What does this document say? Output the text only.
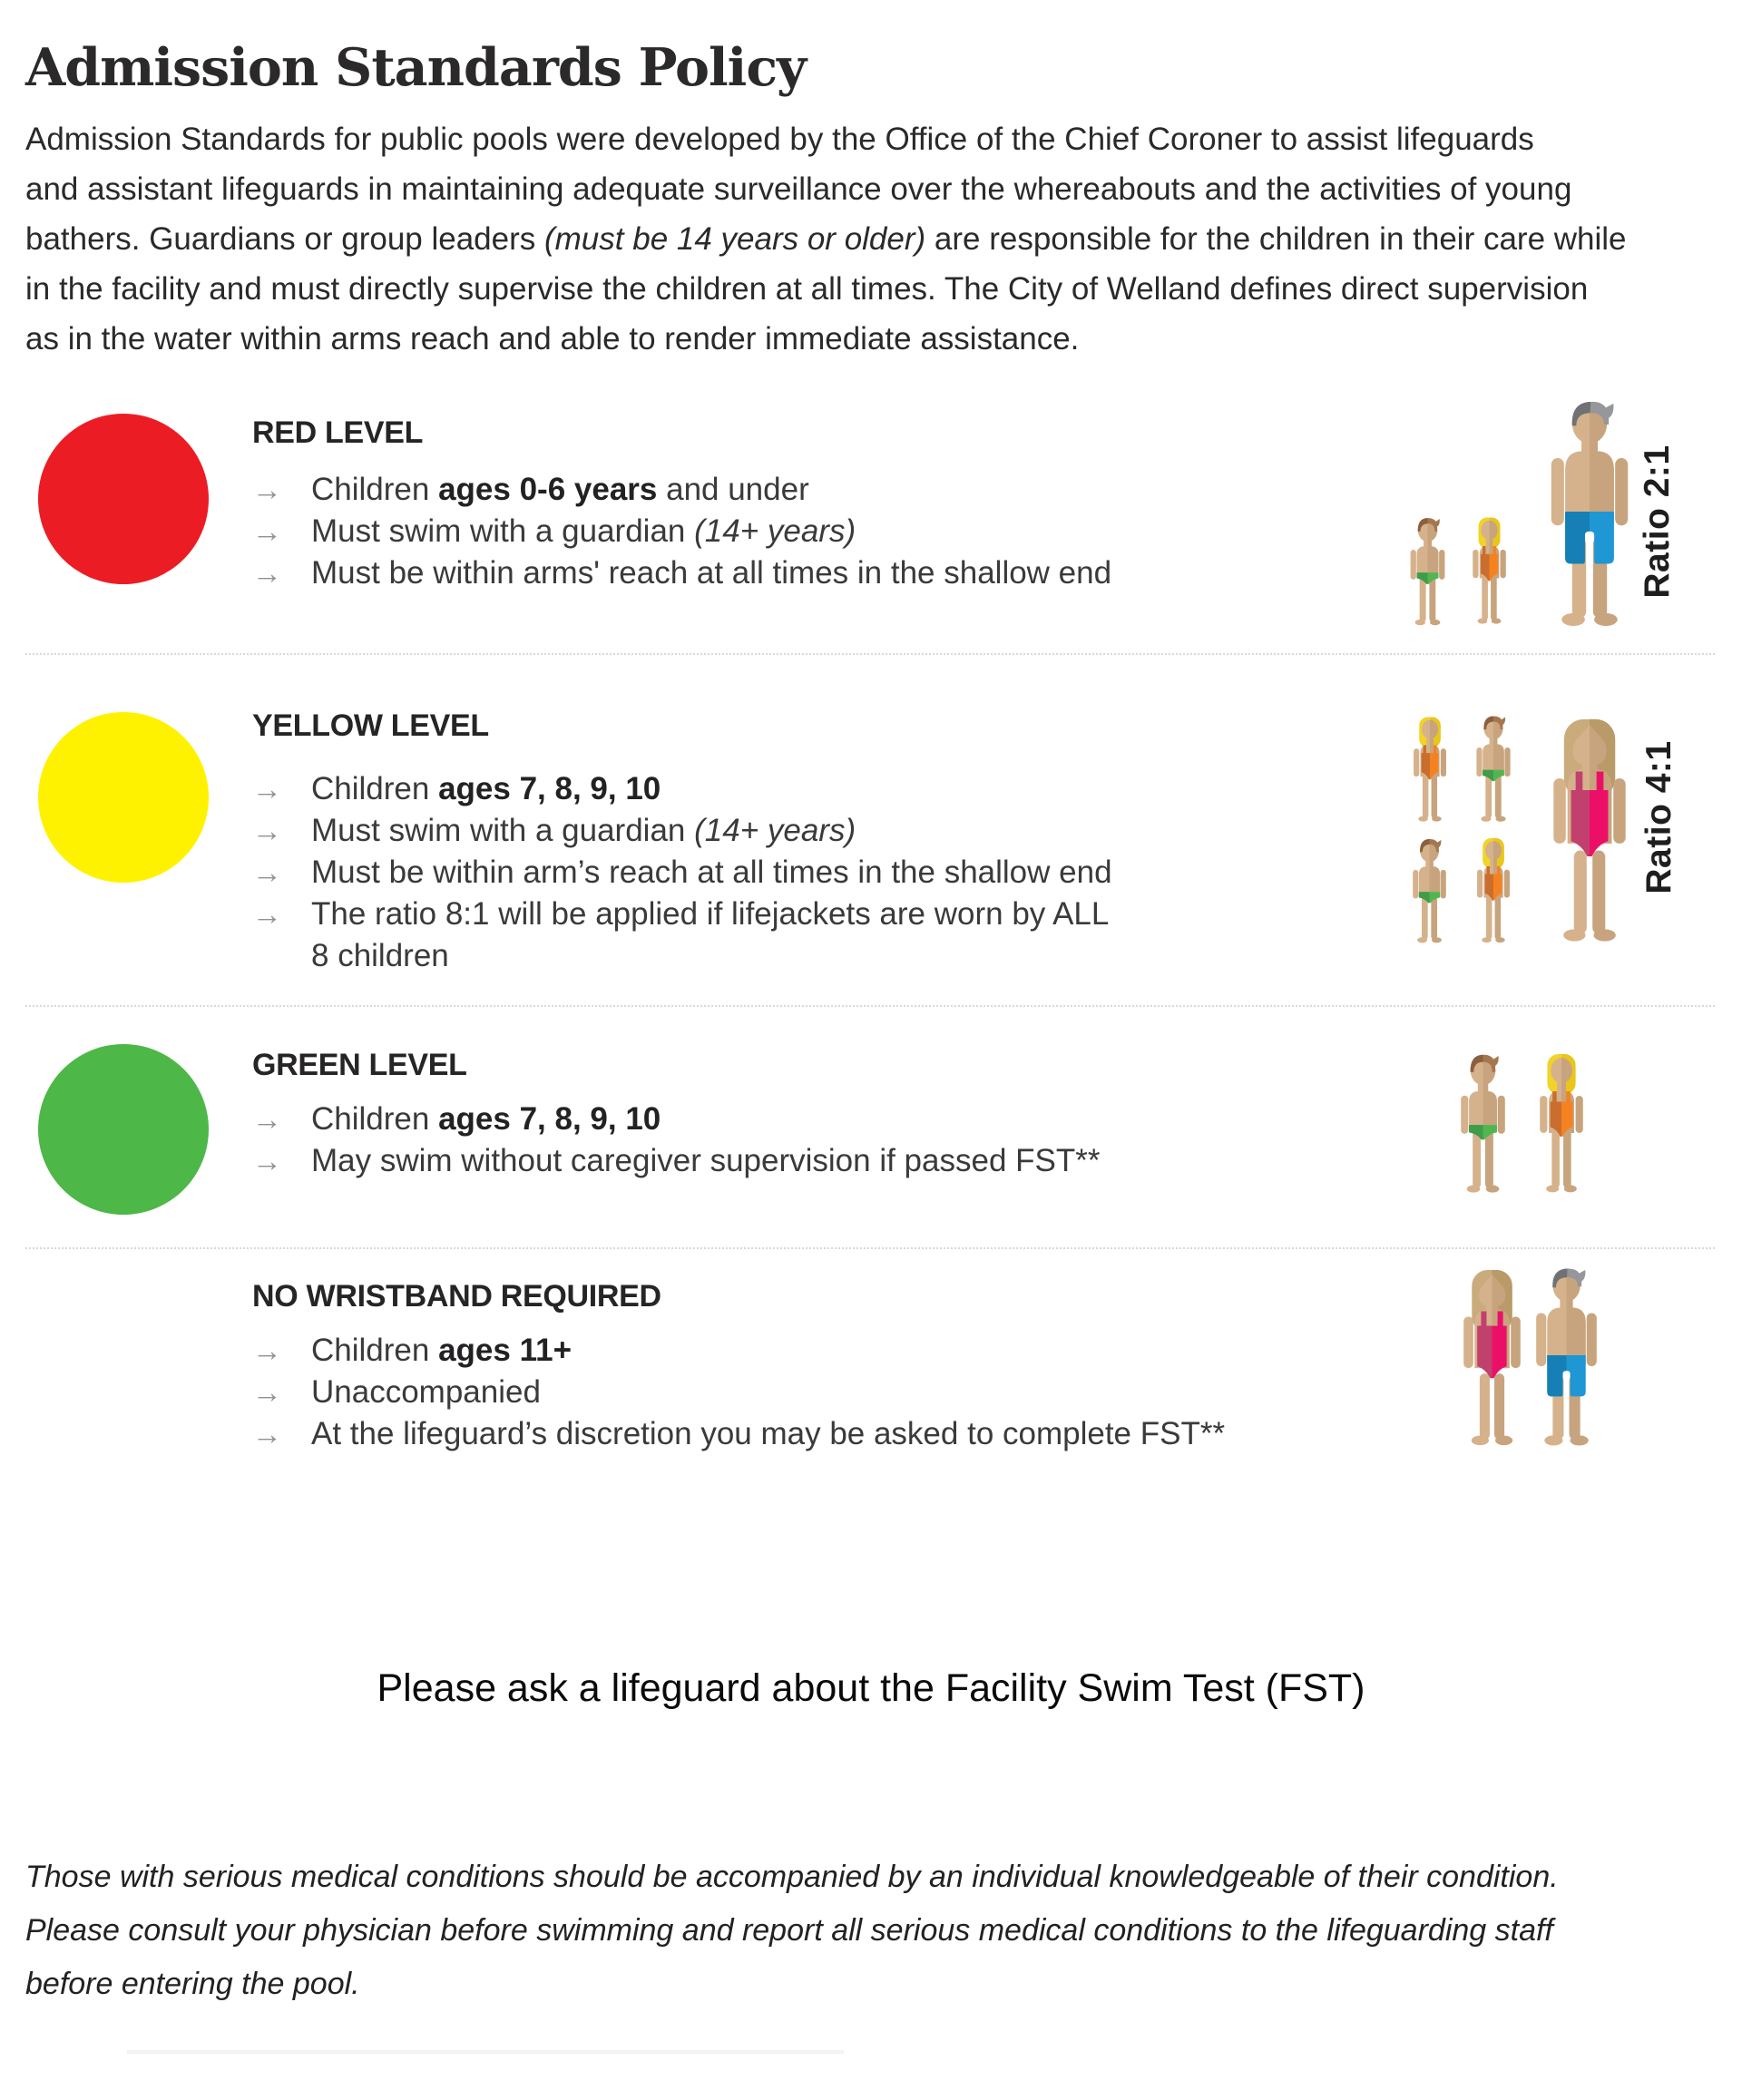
Admission Standards Policy

Admission Standards for public pools were developed by the Office of the Chief Coroner to assist lifeguards
and assistant lifeguards in maintaining adequate surveillance over the whereabouts and the activities of young
bathers. Guardians or group leaders (must be 14 years or older) are responsible for the children in their care while
in the facility and must directly supervise the children at all times. The City of Welland defines direct supervision
as in the water within arms reach and able to render immediate assistance.

RED LEVEL
→ Children ages 0-6 years and under
→ Must swim with a guardian (14+ years)
→ Must be within arms' reach at all times in the shallow end
YELLOW LEVEL
→ Children ages 7, 8, 9, 10
→ Must swim with a guardian (14+ years)
→ Must be within arm’s reach at all times in the shallow end
→ The ratio 8:1 will be applied if lifejackets are worn by ALL
8 children
GREEN LEVEL
→ Children ages 7, 8, 9, 10
→ May swim without caregiver supervision if passed FST**
NO WRISTBAND REQUIRED
→ Children ages 11+
→ Unaccompanied
→ At the lifeguard’s discretion you may be asked to complete FST**
Ratio 2:1
Ratio 4:1
Please ask a lifeguard about the Facility Swim Test (FST)

Those with serious medical conditions should be accompanied by an individual knowledgeable of their condition.
Please consult your physician before swimming and report all serious medical conditions to the lifeguarding staff
before entering the pool.
